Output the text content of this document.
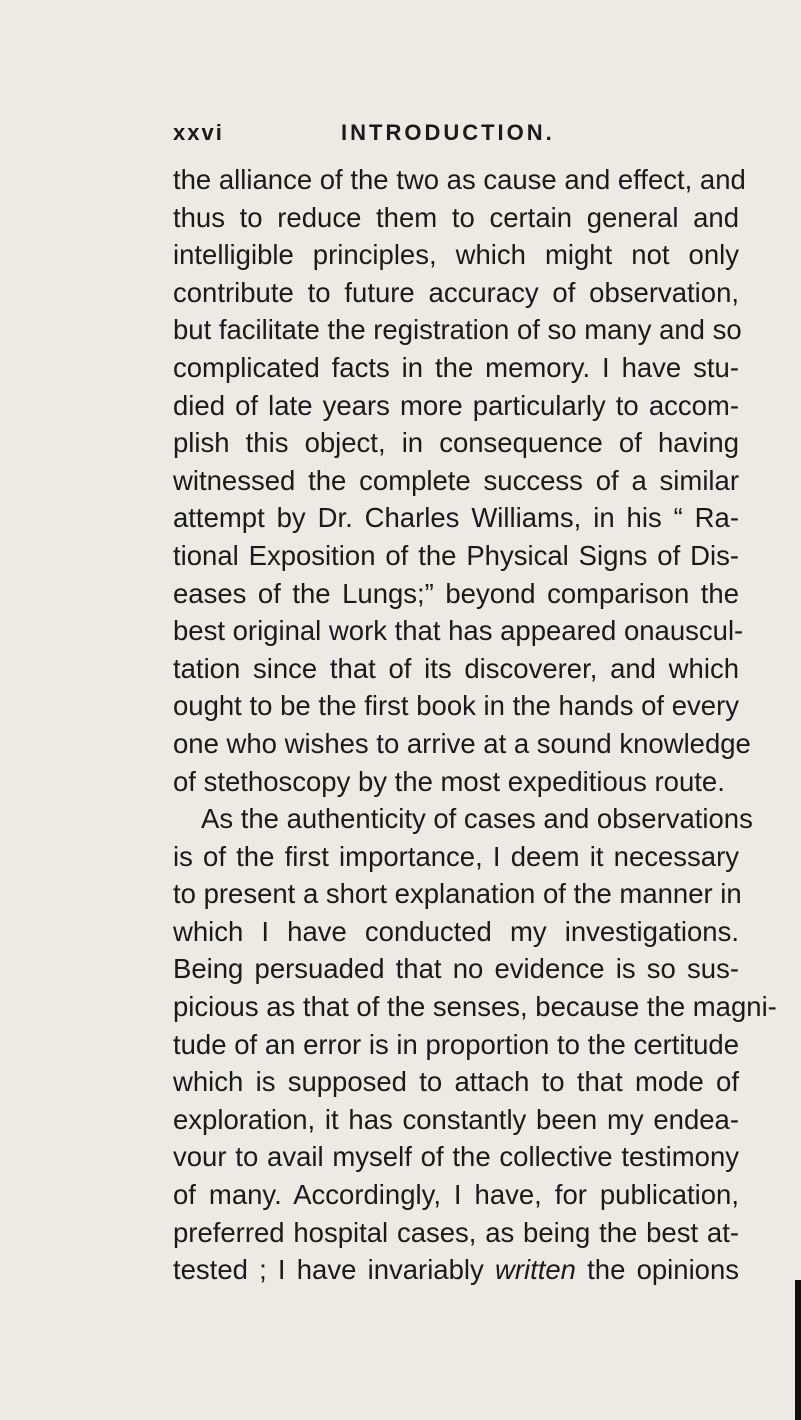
xxvi	INTRODUCTION.
the alliance of the two as cause and effect, and
thus to reduce them to certain general and
intelligible principles, which might not only
contribute to future accuracy of observation,
but facilitate the registration of so many and so
complicated facts in the memory. I have stu-
died of late years more particularly to accom-
plish this object, in consequence of having
witnessed the complete success of a similar
attempt by Dr. Charles Williams, in his “ Ra-
tional Exposition of the Physical Signs of Dis-
eases of the Lungs;” beyond comparison the
best original work that has appeared onauscul-
tation since that of its discoverer, and which
ought to be the first book in the hands of every
one who wishes to arrive at a sound knowledge
of stethoscopy by the most expeditious route.
As the authenticity of cases and observations
is of the first importance, I deem it necessary
to present a short explanation of the manner in
which I have conducted my investigations.
Being persuaded that no evidence is so sus-
picious as that of the senses, because the magni-
tude of an error is in proportion to the certitude
which is supposed to attach to that mode of
exploration, it has constantly been my endea-
vour to avail myself of the collective testimony
of many. Accordingly, I have, for publication,
preferred hospital cases, as being the best at-
tested ; I have invariably written the opinions
